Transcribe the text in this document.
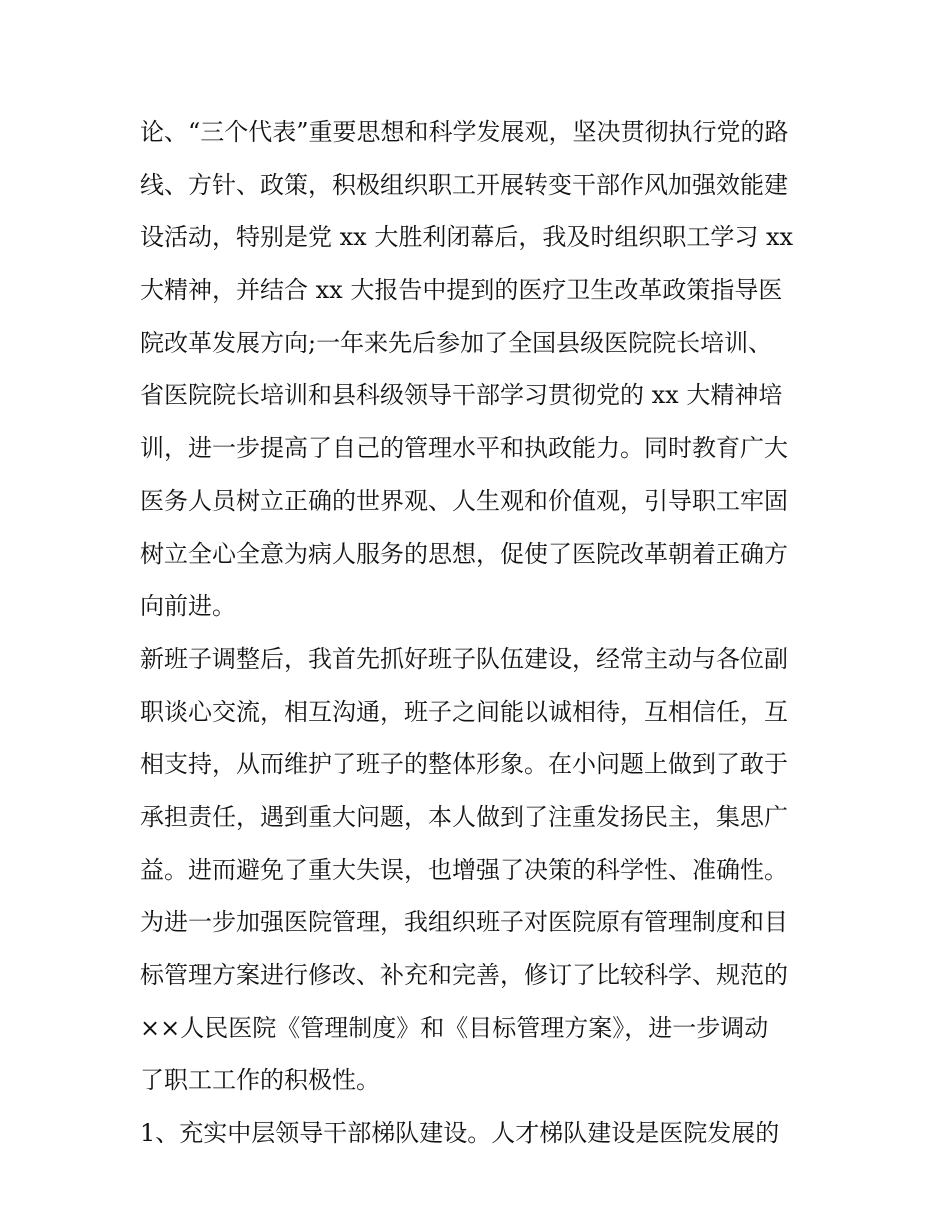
论、“三个代表”重要思想和科学发展观，坚决贯彻执行党的路
线、方针、政策，积极组织职工开展转变干部作风加强效能建
设活动，特别是党 xx 大胜利闭幕后，我及时组织职工学习 xx
大精神，并结合 xx 大报告中提到的医疗卫生改革政策指导医
院改革发展方向;一年来先后参加了全国县级医院院长培训、
省医院院长培训和县科级领导干部学习贯彻党的 xx 大精神培
训，进一步提高了自己的管理水平和执政能力。同时教育广大
医务人员树立正确的世界观、人生观和价值观，引导职工牢固
树立全心全意为病人服务的思想，促使了医院改革朝着正确方
向前进。
新班子调整后，我首先抓好班子队伍建设，经常主动与各位副
职谈心交流，相互沟通，班子之间能以诚相待，互相信任，互
相支持，从而维护了班子的整体形象。在小问题上做到了敢于
承担责任，遇到重大问题，本人做到了注重发扬民主，集思广
益。进而避免了重大失误，也增强了决策的科学性、准确性。
为进一步加强医院管理，我组织班子对医院原有管理制度和目
标管理方案进行修改、补充和完善，修订了比较科学、规范的
××人民医院《管理制度》和《目标管理方案》，进一步调动
了职工工作的积极性。
1、充实中层领导干部梯队建设。人才梯队建设是医院发展的
